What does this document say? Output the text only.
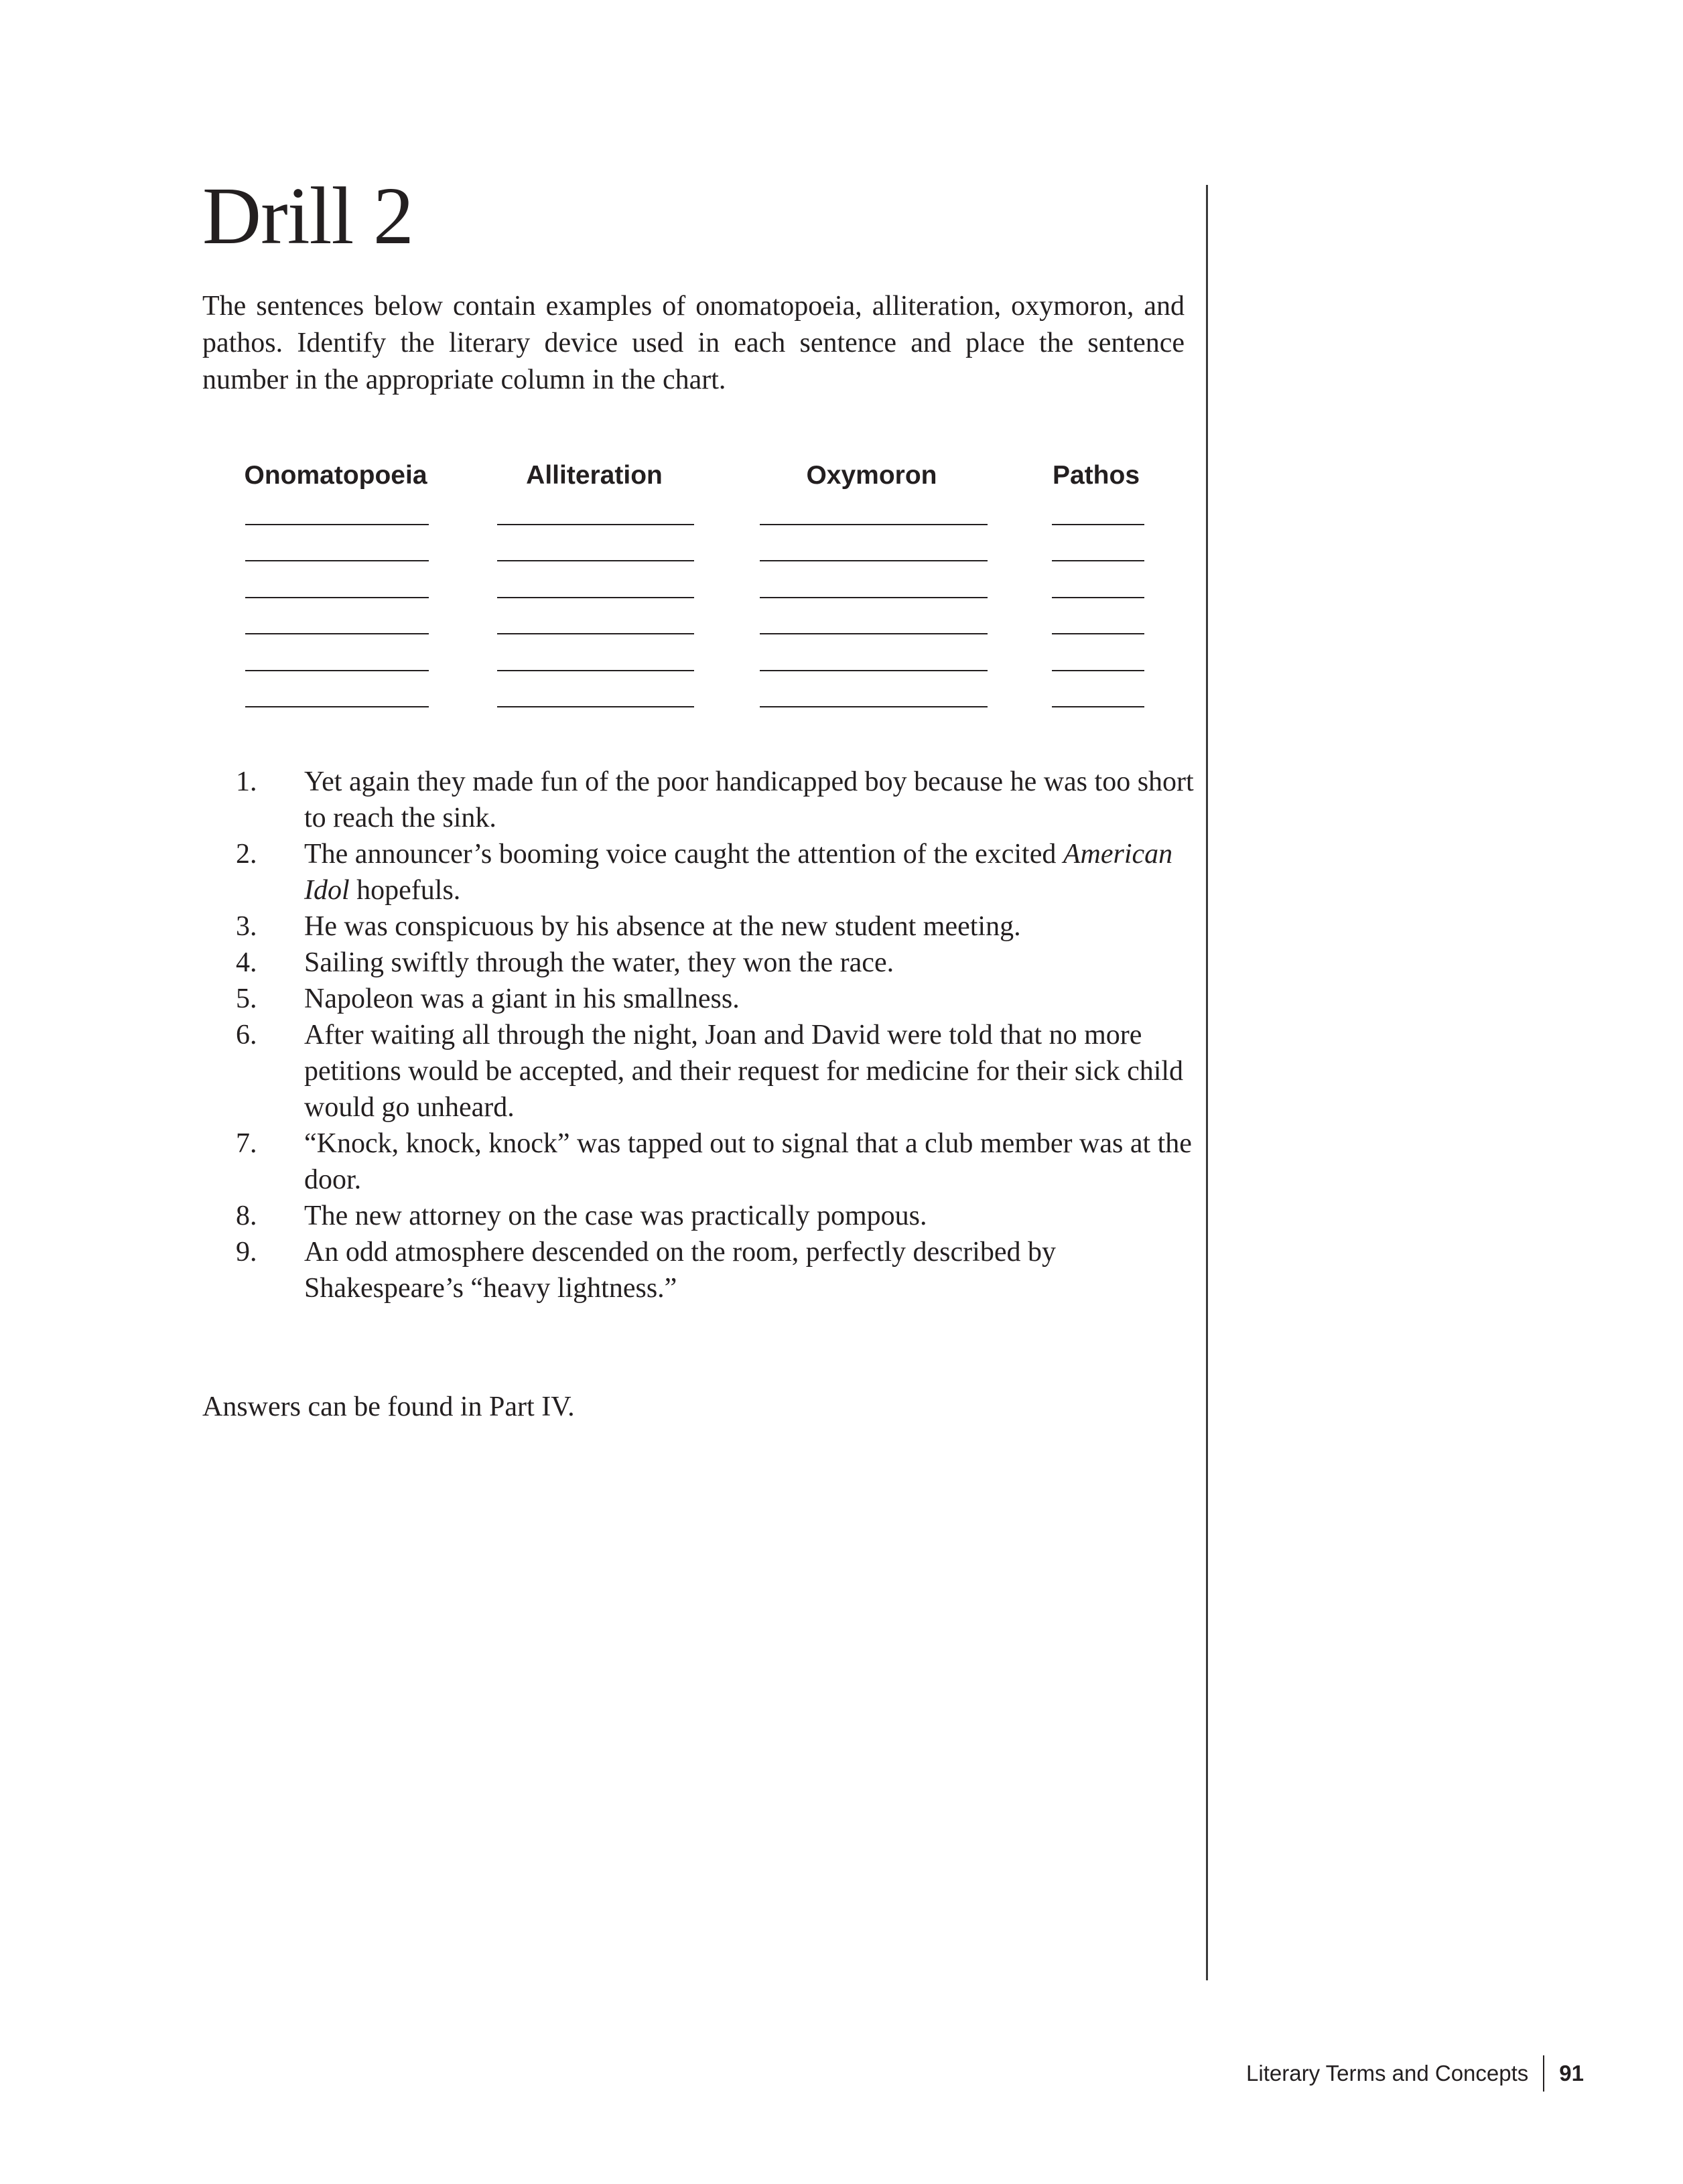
Drill 2

The sentences below contain examples of onomatopoeia, alliteration, oxymoron, and pathos. Identify the literary device used in each sentence and place the sentence number in the appropriate column in the chart.

Onomatopoeia	Alliteration	Oxymoron	Pathos
1.	Yet again they made fun of the poor handicapped boy because he was too short to reach the sink.
2.	The announcer’s booming voice caught the attention of the excited American Idol hopefuls.
3.	He was conspicuous by his absence at the new student meeting.
4.	Sailing swiftly through the water, they won the race.
5.	Napoleon was a giant in his smallness.
6.	After waiting all through the night, Joan and David were told that no more petitions would be accepted, and their request for medicine for their sick child would go unheard.
7.	“Knock, knock, knock” was tapped out to signal that a club member was at the door.
8.	The new attorney on the case was practically pompous.
9.	An odd atmosphere descended on the room, perfectly described by Shakespeare’s “heavy lightness.”

Answers can be found in Part IV.

Literary Terms and Concepts 91
